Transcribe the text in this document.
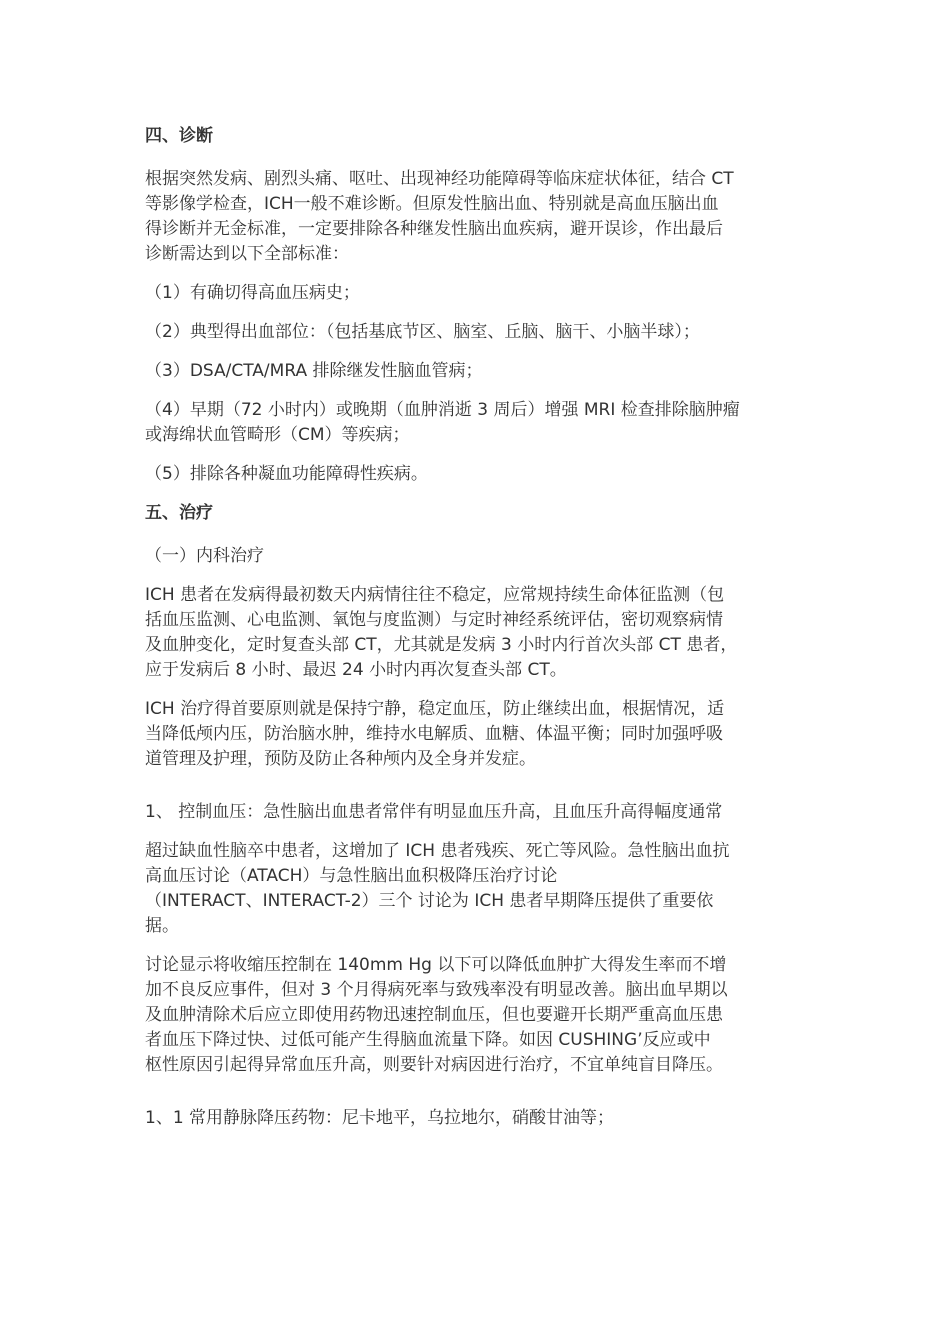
四、诊断
根据突然发病、剧烈头痛、呕吐、出现神经功能障碍等临床症状体征，结合 CT
等影像学检查，ICH一般不难诊断。但原发性脑出血、特别就是高血压脑出血
得诊断并无金标准，一定要排除各种继发性脑出血疾病，避开误诊，作出最后
诊断需达到以下全部标准：
（1）有确切得高血压病史；
（2）典型得出血部位：（包括基底节区、脑室、丘脑、脑干、小脑半球）；
（3）DSA/CTA/MRA 排除继发性脑血管病；
（4）早期（72 小时内）或晚期（血肿消逝 3 周后）增强 MRI 检查排除脑肿瘤
或海绵状血管畸形（CM）等疾病；
（5）排除各种凝血功能障碍性疾病。
五、治疗
（一）内科治疗
ICH 患者在发病得最初数天内病情往往不稳定，应常规持续生命体征监测（包
括血压监测、心电监测、氧饱与度监测）与定时神经系统评估，密切观察病情
及血肿变化，定时复查头部 CT，尤其就是发病 3 小时内行首次头部 CT 患者，
应于发病后 8 小时、最迟 24 小时内再次复查头部 CT。
ICH 治疗得首要原则就是保持宁静，稳定血压，防止继续出血，根据情况，适
当降低颅内压，防治脑水肿，维持水电解质、血糖、体温平衡；同时加强呼吸
道管理及护理，预防及防止各种颅内及全身并发症。
1、 控制血压：急性脑出血患者常伴有明显血压升高，且血压升高得幅度通常
超过缺血性脑卒中患者，这增加了 ICH 患者残疾、死亡等风险。急性脑出血抗
高血压讨论（ATACH）与急性脑出血积极降压治疗讨论
（INTERACT、INTERACT-2）三个 讨论为 ICH 患者早期降压提供了重要依
据。
讨论显示将收缩压控制在 140mm Hg 以下可以降低血肿扩大得发生率而不增
加不良反应事件，但对 3 个月得病死率与致残率没有明显改善。脑出血早期以
及血肿清除术后应立即使用药物迅速控制血压，但也要避开长期严重高血压患
者血压下降过快、过低可能产生得脑血流量下降。如因 CUSHING’反应或中
枢性原因引起得异常血压升高，则要针对病因进行治疗，不宜单纯盲目降压。
1、1 常用静脉降压药物：尼卡地平，乌拉地尔，硝酸甘油等；
